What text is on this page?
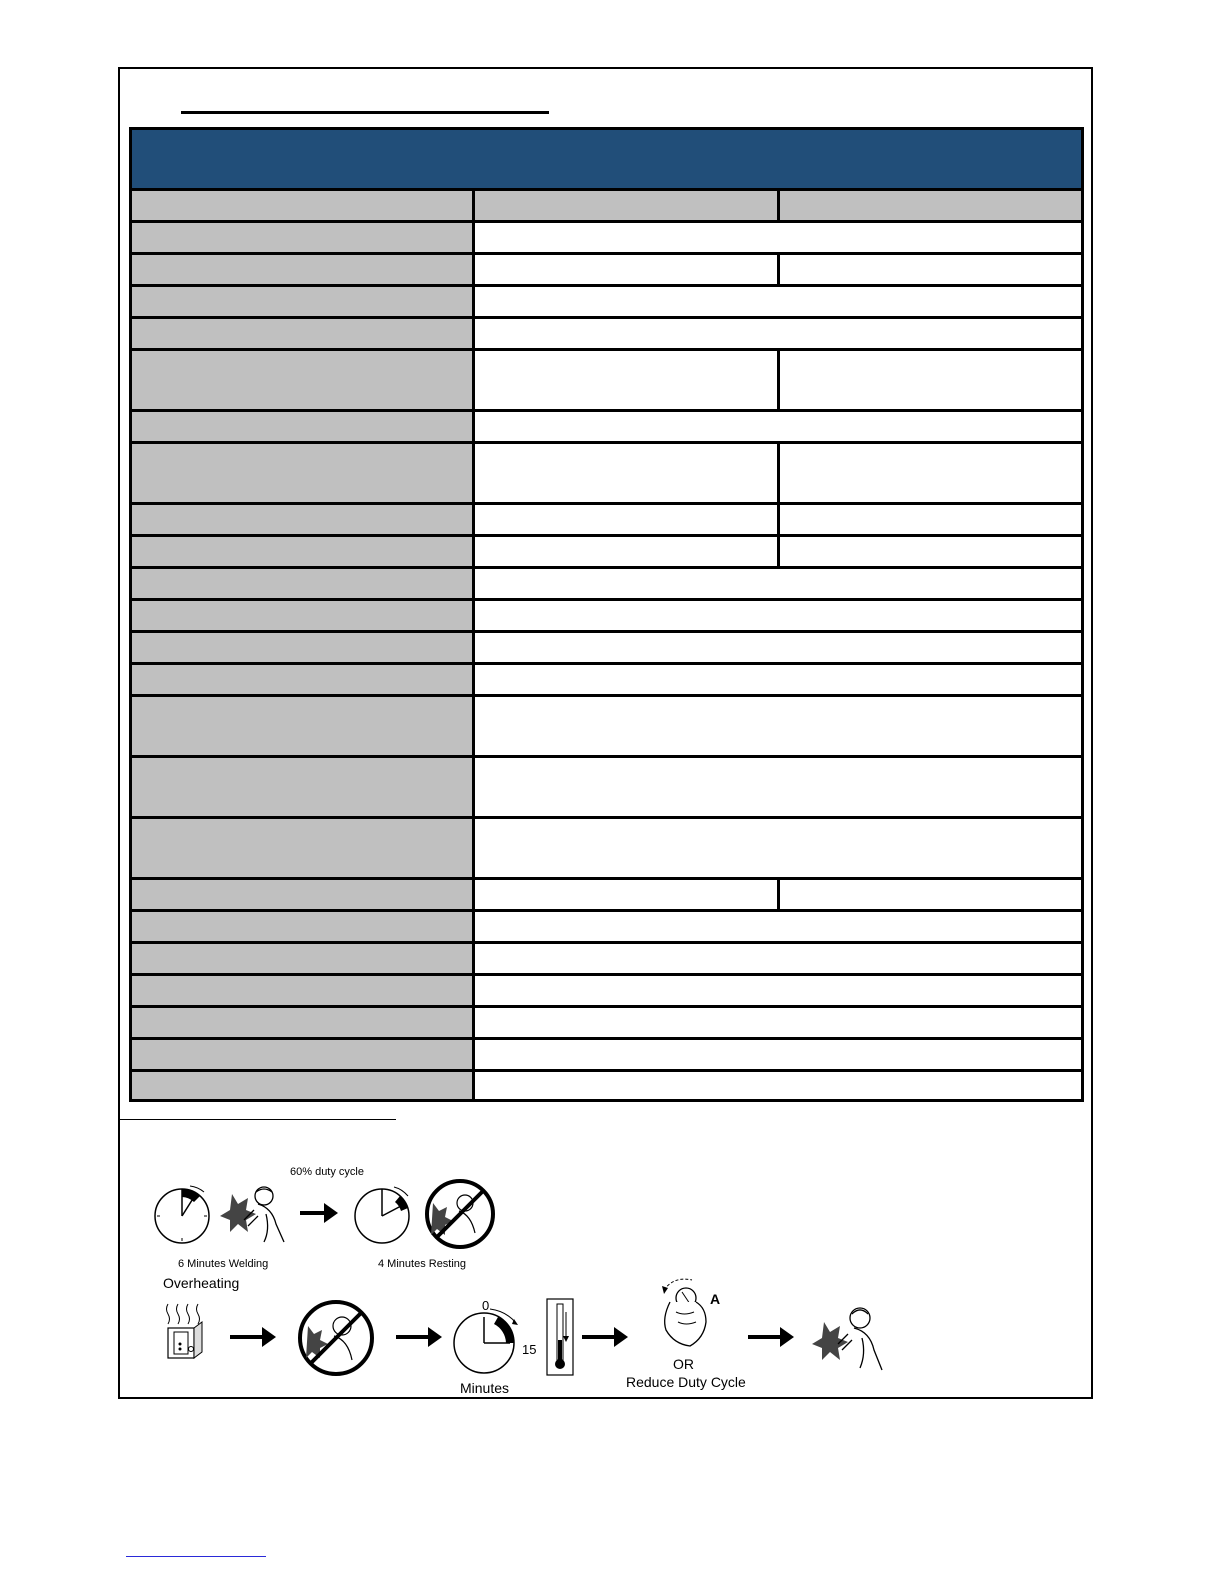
60% duty cycle
6 Minutes Welding	4 Minutes Resting
Overheating
0
15
Minutes
A
OR
Reduce Duty Cycle
